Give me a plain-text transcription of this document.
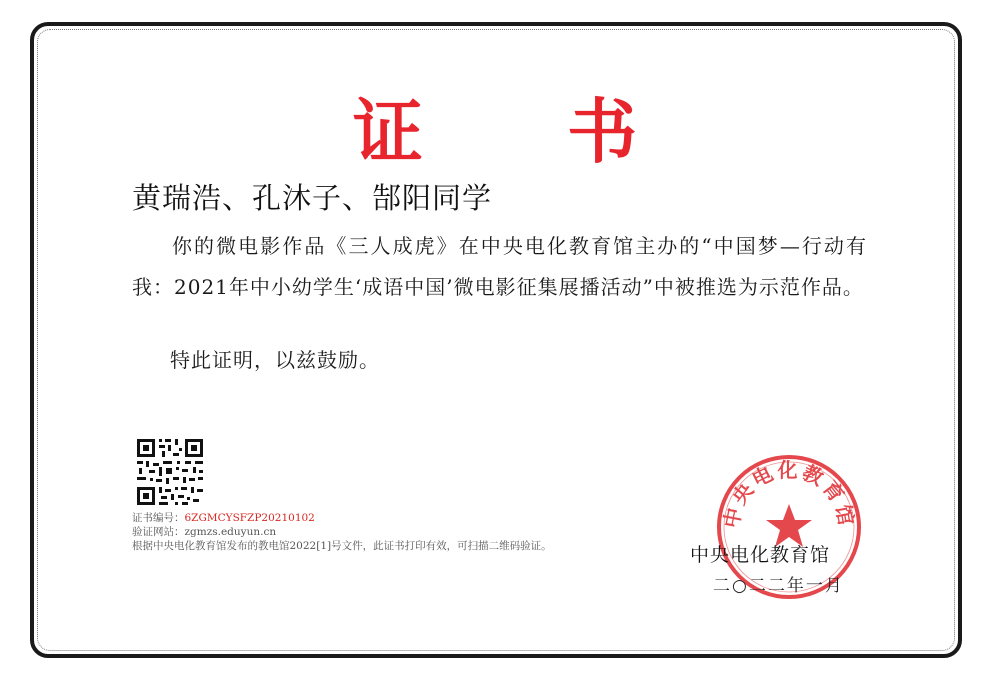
证 书
黄瑞浩、孔沐子、郜阳同学
你的微电影作品《三人成虎》在中央电化教育馆主办的“中国梦—行动有我：2021年中小幼学生‘成语中国’微电影征集展播活动”中被推选为示范作品。
特此证明，以兹鼓励。
证书编号：6ZGMCYSFZP20210102
验证网站：zgmzs.eduyun.cn
根据中央电化教育馆发布的教电馆2022[1]号文件，此证书打印有效，可扫描二维码验证。
中央电化教育馆
中央电化教育馆
二○二二年一月
